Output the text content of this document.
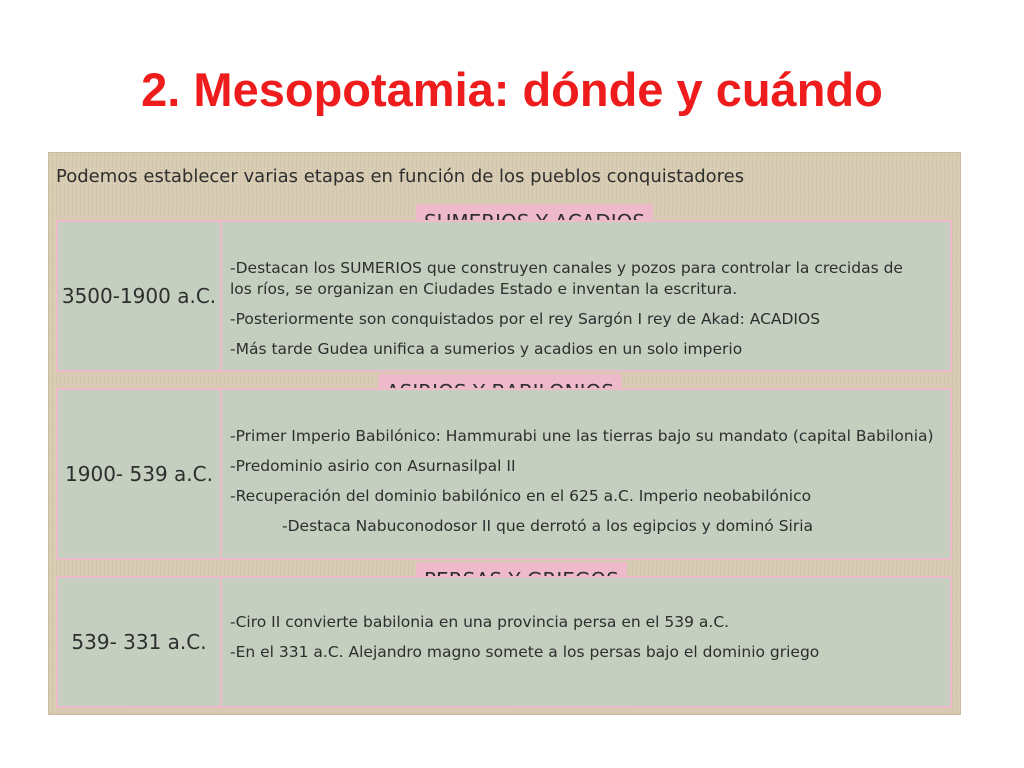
2. Mesopotamia: dónde y cuándo
Podemos establecer varias etapas en función de los pueblos conquistadores
3500-1900 a.C.
-Destacan los SUMERIOS que construyen canales y pozos para controlar la crecidas de
los ríos, se organizan en Ciudades Estado e inventan la escritura.
-Posteriormente son conquistados por el rey Sargón I rey de Akad: ACADIOS
-Más tarde Gudea unifica a sumerios y acadios en un solo imperio
1900- 539 a.C.
-Primer Imperio Babilónico: Hammurabi une las tierras bajo su mandato (capital Babilonia)
-Predominio asirio con Asurnasilpal II
-Recuperación del dominio babilónico en el 625 a.C. Imperio neobabilónico
-Destaca Nabuconodosor II que derrotó a los egipcios y dominó Siria
539- 331 a.C.
-Ciro II convierte babilonia en una provincia persa en el 539 a.C.
-En el 331 a.C. Alejandro magno somete a los persas bajo el dominio griego
